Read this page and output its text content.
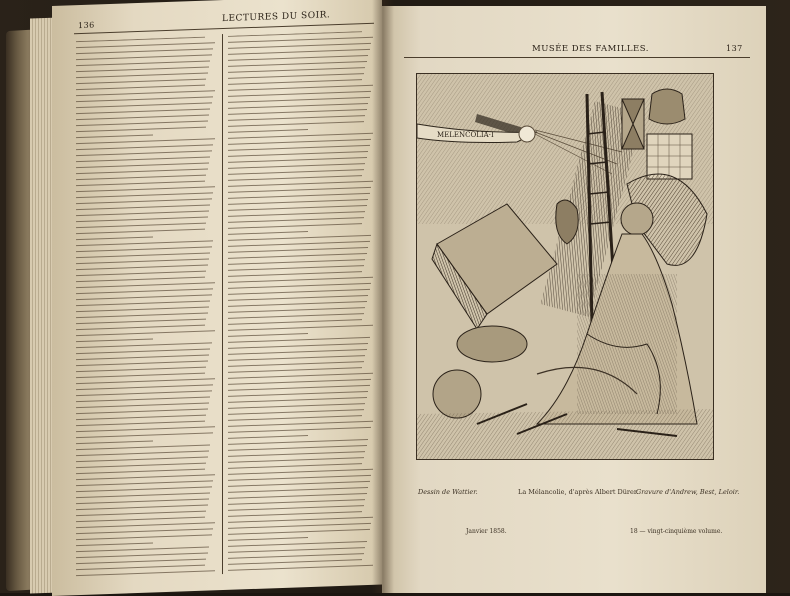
136
LECTURES DU SOIR.
MUSÉE DES FAMILLES.	137
Janvier 1858.	18 — vingt-cinquième volume.
MELENCOLIA·I
Dessin de Wattier.	La Mélancolie, d'après Albert Dürer.
Gravure d'Andrew, Best, Leloir.
